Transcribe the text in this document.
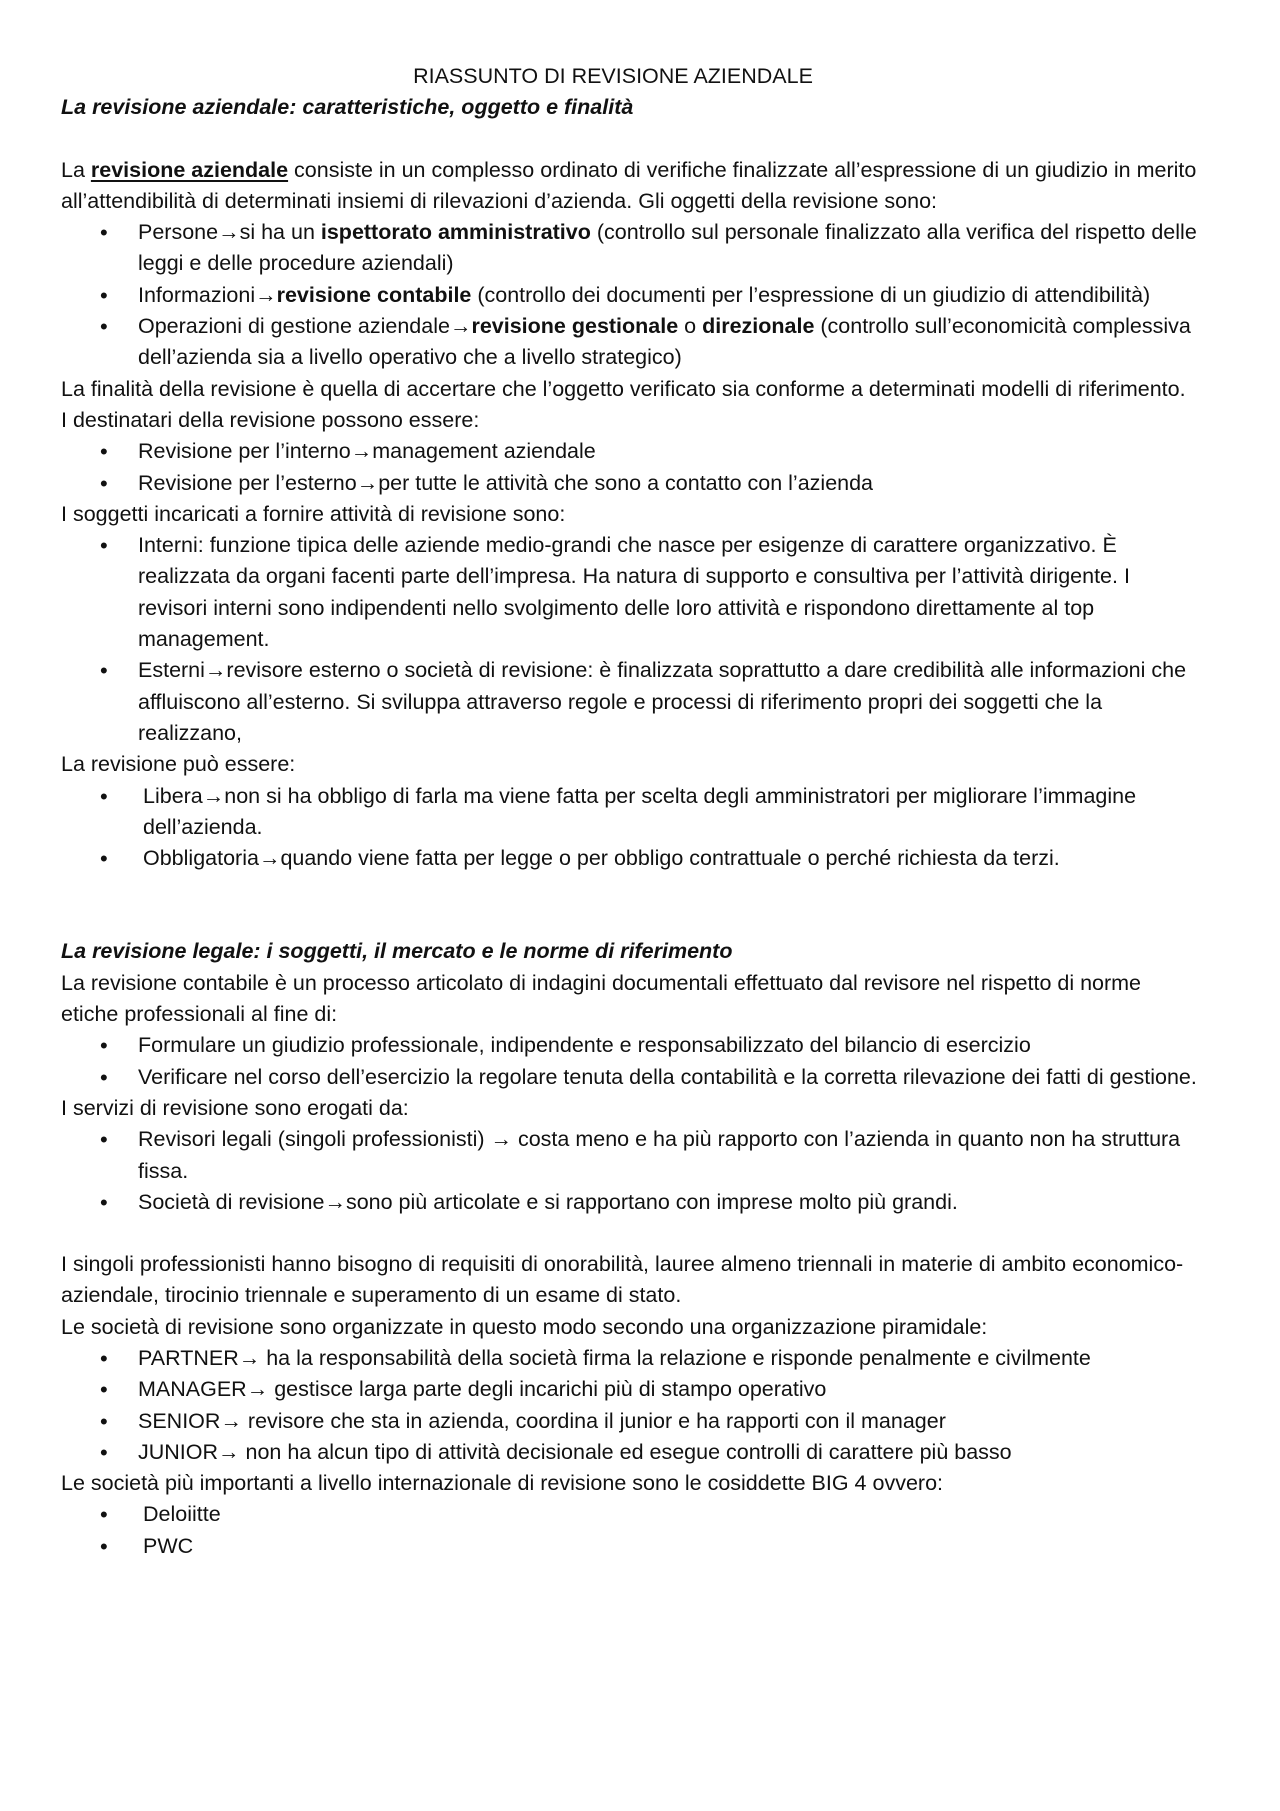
RIASSUNTO DI REVISIONE AZIENDALE

La revisione aziendale: caratteristiche, oggetto e finalità

La revisione aziendale consiste in un complesso ordinato di verifiche finalizzate all’espressione di un giudizio in merito all’attendibilità di determinati insiemi di rilevazioni d’azienda. Gli oggetti della revisione sono:

• Persone→si ha un ispettorato amministrativo (controllo sul personale finalizzato alla verifica del rispetto delle leggi e delle procedure aziendali)
• Informazioni→revisione contabile (controllo dei documenti per l’espressione di un giudizio di attendibilità)
• Operazioni di gestione aziendale→revisione gestionale o direzionale (controllo sull’economicità complessiva dell’azienda sia a livello operativo che a livello strategico)

La finalità della revisione è quella di accertare che l’oggetto verificato sia conforme a determinati modelli di riferimento.

I destinatari della revisione possono essere:

• Revisione per l’interno→management aziendale
• Revisione per l’esterno→per tutte le attività che sono a contatto con l’azienda

I soggetti incaricati a fornire attività di revisione sono:

• Interni: funzione tipica delle aziende medio-grandi che nasce per esigenze di carattere organizzativo. È realizzata da organi facenti parte dell’impresa. Ha natura di supporto e consultiva per l’attività dirigente. I revisori interni sono indipendenti nello svolgimento delle loro attività e rispondono direttamente al top management.
• Esterni→revisore esterno o società di revisione: è finalizzata soprattutto a dare credibilità alle informazioni che affluiscono all’esterno. Si sviluppa attraverso regole e processi di riferimento propri dei soggetti che la realizzano,

La revisione può essere:

• Libera→non si ha obbligo di farla ma viene fatta per scelta degli amministratori per migliorare l’immagine dell’azienda.
• Obbligatoria→quando viene fatta per legge o per obbligo contrattuale o perché richiesta da terzi.

La revisione legale: i soggetti, il mercato e le norme di riferimento

La revisione contabile è un processo articolato di indagini documentali effettuato dal revisore nel rispetto di norme etiche professionali al fine di:

• Formulare un giudizio professionale, indipendente e responsabilizzato del bilancio di esercizio
• Verificare nel corso dell’esercizio la regolare tenuta della contabilità e la corretta rilevazione dei fatti di gestione.

I servizi di revisione sono erogati da:

• Revisori legali (singoli professionisti) → costa meno e ha più rapporto con l’azienda in quanto non ha struttura fissa.
• Società di revisione→sono più articolate e si rapportano con imprese molto più grandi.

I singoli professionisti hanno bisogno di requisiti di onorabilità, lauree almeno triennali in materie di ambito economico-aziendale, tirocinio triennale e superamento di un esame di stato.

Le società di revisione sono organizzate in questo modo secondo una organizzazione piramidale:

• PARTNER→ ha la responsabilità della società firma la relazione e risponde penalmente e civilmente
• MANAGER→ gestisce larga parte degli incarichi più di stampo operativo
• SENIOR→ revisore che sta in azienda, coordina il junior e ha rapporti con il manager
• JUNIOR→ non ha alcun tipo di attività decisionale ed esegue controlli di carattere più basso

Le società più importanti a livello internazionale di revisione sono le cosiddette BIG 4 ovvero:

• Deloiitte
• PWC
